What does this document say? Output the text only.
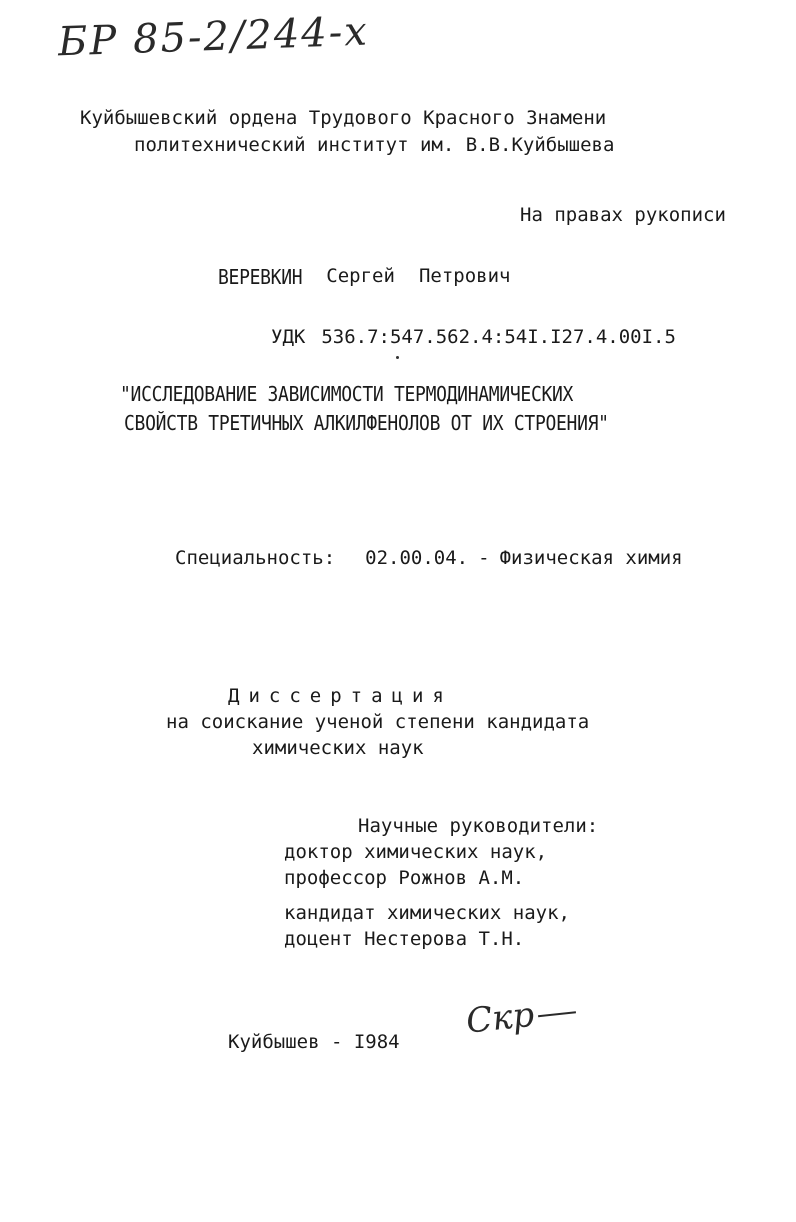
БР 85-2/244-х
Куйбышевский ордена Трудового Красного Знамени
политехнический институт им. В.В.Куйбышева
На правах рукописи
ВЕРЕВКИН Сергей Петрович
УДК 536.7:547.562.4:54I.I27.4.00I.5
"ИССЛЕДОВАНИЕ ЗАВИСИМОСТИ ТЕРМОДИНАМИЧЕСКИХ
СВОЙСТВ ТРЕТИЧНЫХ АЛКИЛФЕНОЛОВ ОТ ИХ СТРОЕНИЯ"
Специальность: 02.00.04. - Физическая химия
Диссертация
на соискание ученой степени кандидата
химических наук
Научные руководители:
доктор химических наук,
профессор Рожнов А.М.
кандидат химических наук,
доцент Нестерова Т.Н.
Куйбышев - I984
Скр
